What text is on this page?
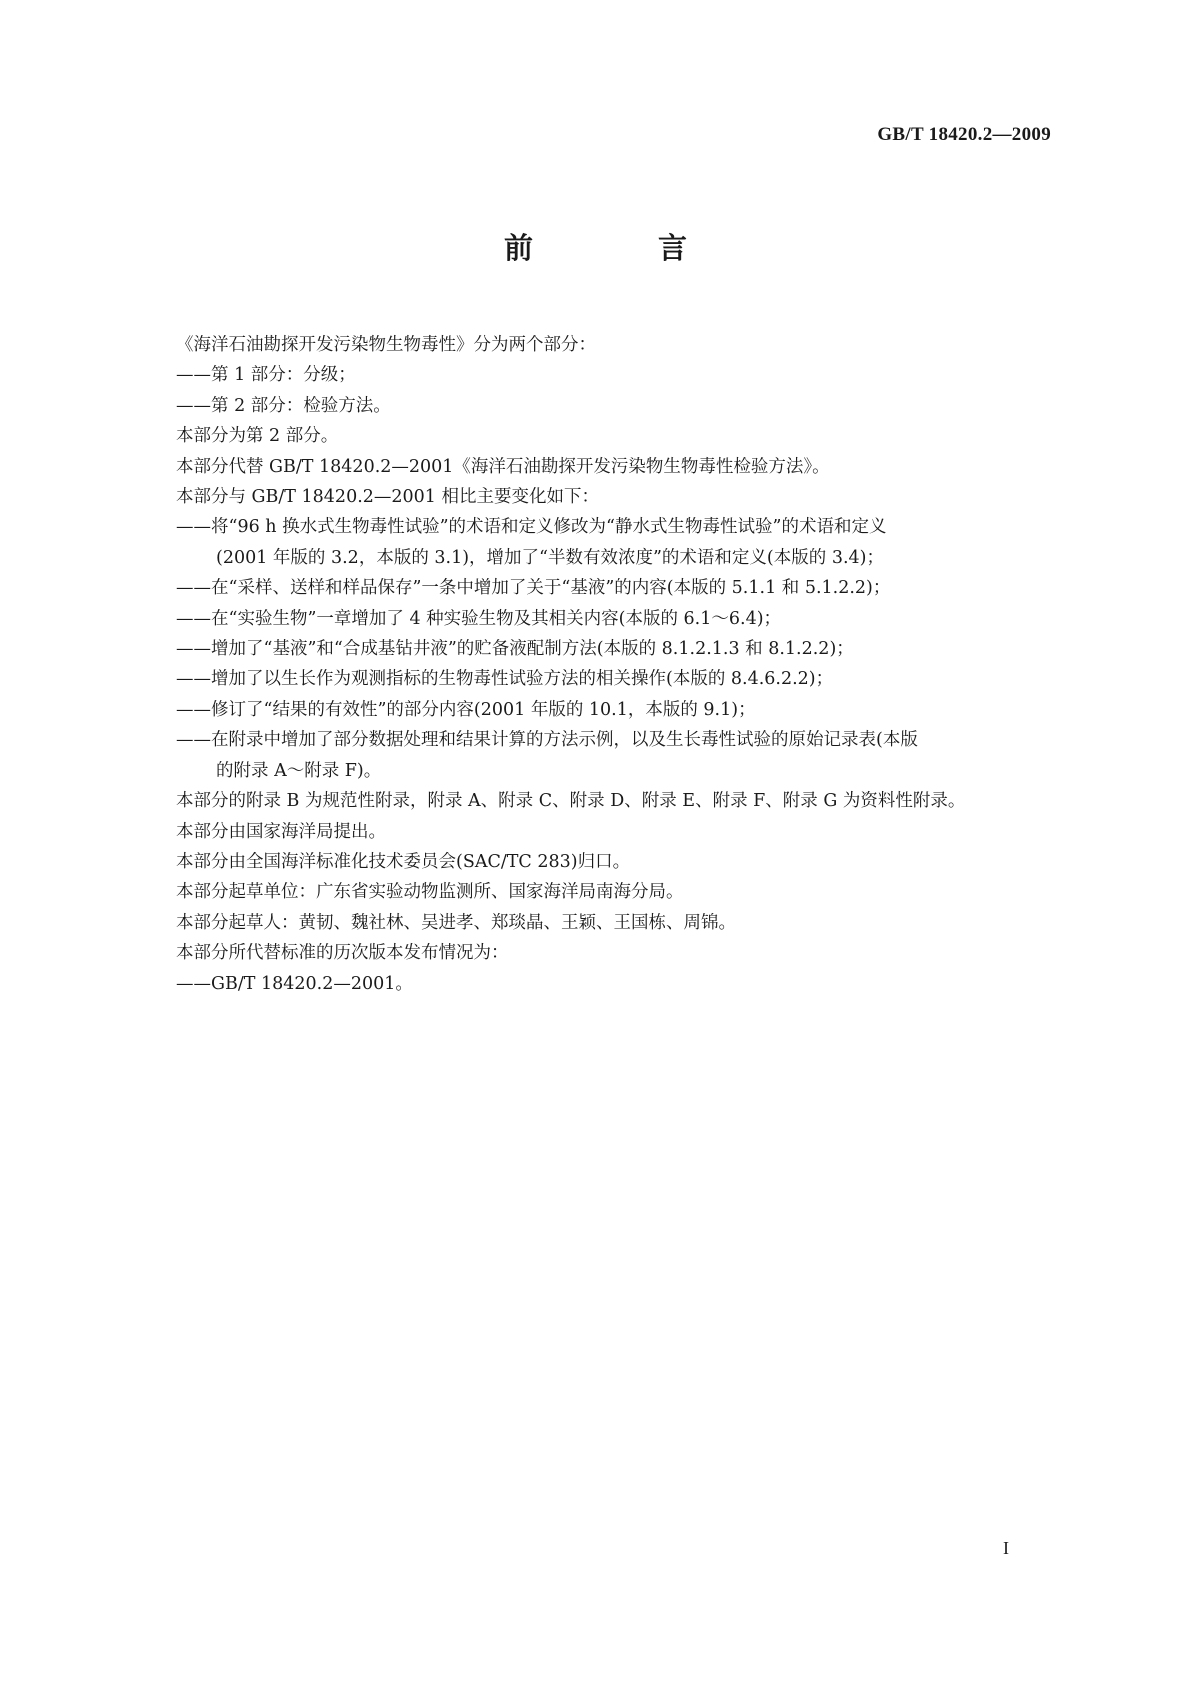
GB/T 18420.2—2009
前　言
《海洋石油勘探开发污染物生物毒性》分为两个部分：
——第 1 部分：分级；
——第 2 部分：检验方法。
本部分为第 2 部分。
本部分代替 GB/T 18420.2—2001《海洋石油勘探开发污染物生物毒性检验方法》。
本部分与 GB/T 18420.2—2001 相比主要变化如下：
——将“96 h 换水式生物毒性试验”的术语和定义修改为“静水式生物毒性试验”的术语和定义
(2001 年版的 3.2，本版的 3.1)，增加了“半数有效浓度”的术语和定义(本版的 3.4)；
——在“采样、送样和样品保存”一条中增加了关于“基液”的内容(本版的 5.1.1 和 5.1.2.2)；
——在“实验生物”一章增加了 4 种实验生物及其相关内容(本版的 6.1～6.4)；
——增加了“基液”和“合成基钻井液”的贮备液配制方法(本版的 8.1.2.1.3 和 8.1.2.2)；
——增加了以生长作为观测指标的生物毒性试验方法的相关操作(本版的 8.4.6.2.2)；
——修订了“结果的有效性”的部分内容(2001 年版的 10.1，本版的 9.1)；
——在附录中增加了部分数据处理和结果计算的方法示例，以及生长毒性试验的原始记录表(本版
的附录 A～附录 F)。
本部分的附录 B 为规范性附录，附录 A、附录 C、附录 D、附录 E、附录 F、附录 G 为资料性附录。
本部分由国家海洋局提出。
本部分由全国海洋标准化技术委员会(SAC/TC 283)归口。
本部分起草单位：广东省实验动物监测所、国家海洋局南海分局。
本部分起草人：黄韧、魏社林、吴进孝、郑琰晶、王颖、王国栋、周锦。
本部分所代替标准的历次版本发布情况为：
——GB/T 18420.2—2001。
I
